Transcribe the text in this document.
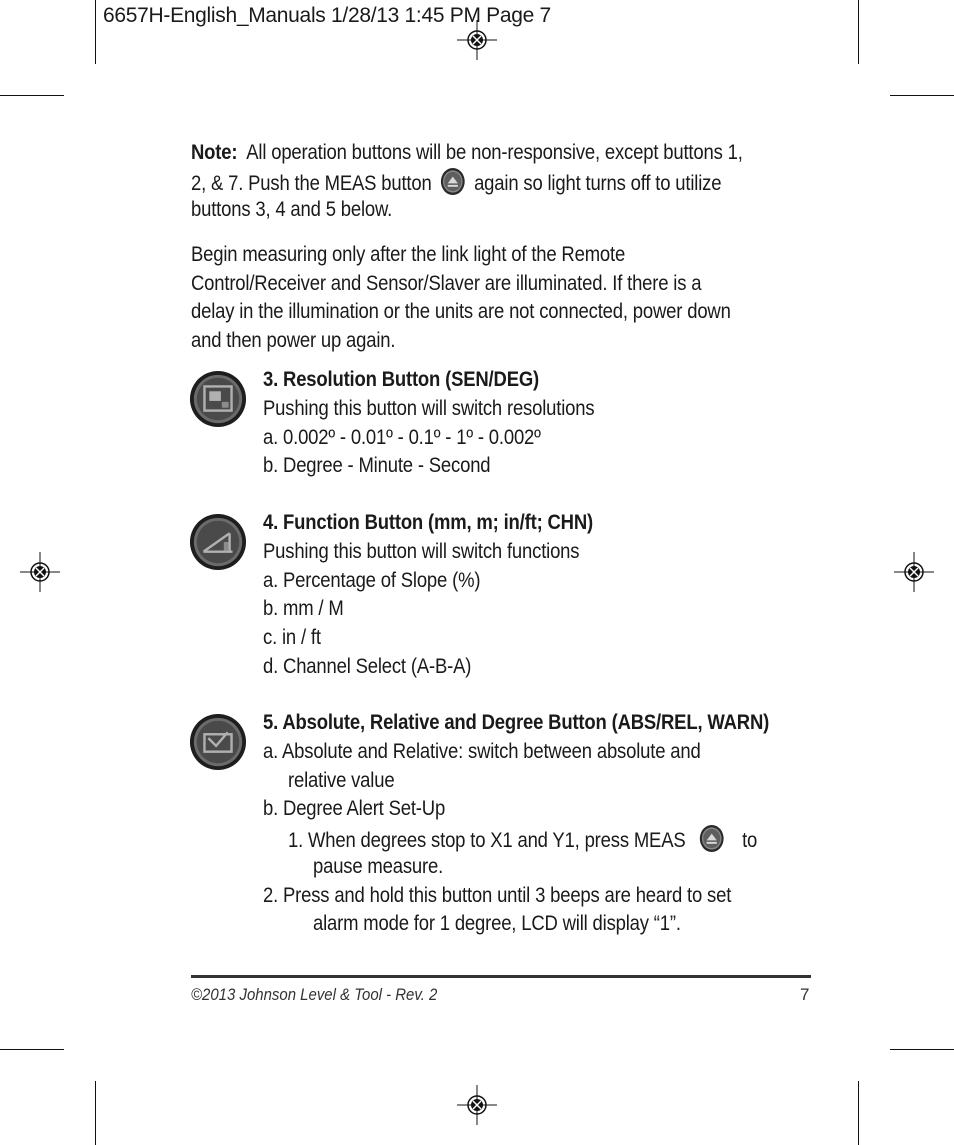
6657H-English_Manuals 1/28/13 1:45 PM Page 7
Note: All operation buttons will be non-responsive, except buttons 1,
2, & 7. Push the MEAS button again so light turns off to utilize
buttons 3, 4 and 5 below.
Begin measuring only after the link light of the Remote
Control/Receiver and Sensor/Slaver are illuminated. If there is a
delay in the illumination or the units are not connected, power down
and then power up again.
3. Resolution Button (SEN/DEG)
Pushing this button will switch resolutions
a. 0.002º - 0.01º - 0.1º - 1º - 0.002º
b. Degree - Minute - Second
4. Function Button (mm, m; in/ft; CHN)
Pushing this button will switch functions
a. Percentage of Slope (%)
b. mm / M
c. in / ft
d. Channel Select (A-B-A)
5. Absolute, Relative and Degree Button (ABS/REL, WARN)
a. Absolute and Relative: switch between absolute and
relative value
b. Degree Alert Set-Up
1. When degrees stop to X1 and Y1, press MEAS	to
pause measure.
2. Press and hold this button until 3 beeps are heard to set
alarm mode for 1 degree, LCD will display “1”.
©2013 Johnson Level & Tool - Rev. 2	7
